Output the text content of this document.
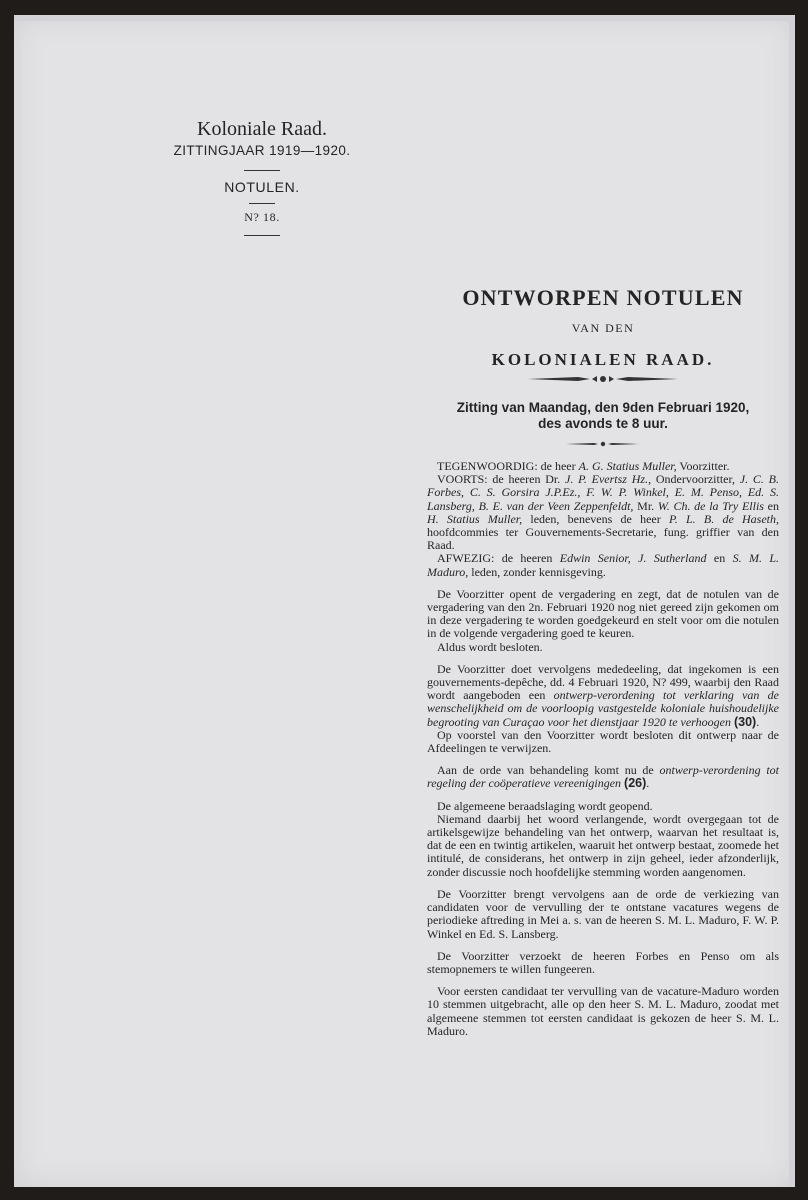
Koloniale Raad.
ZITTINGJAAR 1919—1920.
NOTULEN.
N? 18.
ONTWORPEN NOTULEN
VAN DEN
KOLONIALEN RAAD.
Zitting van Maandag, den 9den Februari 1920,
des avonds te 8 uur.

TEGENWOORDIG: de heer A. G. Statius Muller, Voorzitter.

VOORTS: de heeren Dr. J. P. Evertsz Hz., Ondervoorzitter, J. C. B. Forbes, C. S. Gorsira J.P.Ez., F. W. P. Winkel, E. M. Penso, Ed. S. Lansberg, B. E. van der Veen Zeppenfeldt, Mr. W. Ch. de la Try Ellis en H. Statius Muller, leden, benevens de heer P. L. B. de Haseth, hoofdcommies ter Gouvernements-Secretarie, fung. griffier van den Raad.

AFWEZIG: de heeren Edwin Senior, J. Sutherland en S. M. L. Maduro, leden, zonder kennisgeving.

De Voorzitter opent de vergadering en zegt, dat de notulen van de vergadering van den 2n. Februari 1920 nog niet gereed zijn gekomen om in deze vergadering te worden goedgekeurd en stelt voor om die notulen in de volgende vergadering goed te keuren.

Aldus wordt besloten.

De Voorzitter doet vervolgens mededeeling, dat ingekomen is een gouvernements-depêche, dd. 4 Februari 1920, N? 499, waarbij den Raad wordt aangeboden een ontwerp-verordening tot verklaring van de wenschelijkheid om de voorloopig vastgestelde koloniale huishoudelijke begrooting van Curaçao voor het dienstjaar 1920 te verhoogen (30).

Op voorstel van den Voorzitter wordt besloten dit ontwerp naar de Afdeelingen te verwijzen.

Aan de orde van behandeling komt nu de ontwerp-verordening tot regeling der coöperatieve vereenigingen (26).

De algemeene beraadslaging wordt geopend.

Niemand daarbij het woord verlangende, wordt overgegaan tot de artikelsgewijze behandeling van het ontwerp, waarvan het resultaat is, dat de een en twintig artikelen, waaruit het ontwerp bestaat, zoomede het intitulé, de considerans, het ontwerp in zijn geheel, ieder afzonderlijk, zonder discussie noch hoofdelijke stemming worden aangenomen.

De Voorzitter brengt vervolgens aan de orde de verkiezing van candidaten voor de vervulling der te ontstane vacatures wegens de periodieke aftreding in Mei a. s. van de heeren S. M. L. Maduro, F. W. P. Winkel en Ed. S. Lansberg.

De Voorzitter verzoekt de heeren Forbes en Penso om als stemopnemers te willen fungeeren.

Voor eersten candidaat ter vervulling van de vacature-Maduro worden 10 stemmen uitgebracht, alle op den heer S. M. L. Maduro, zoodat met algemeene stemmen tot eersten candidaat is gekozen de heer S. M. L. Maduro.
